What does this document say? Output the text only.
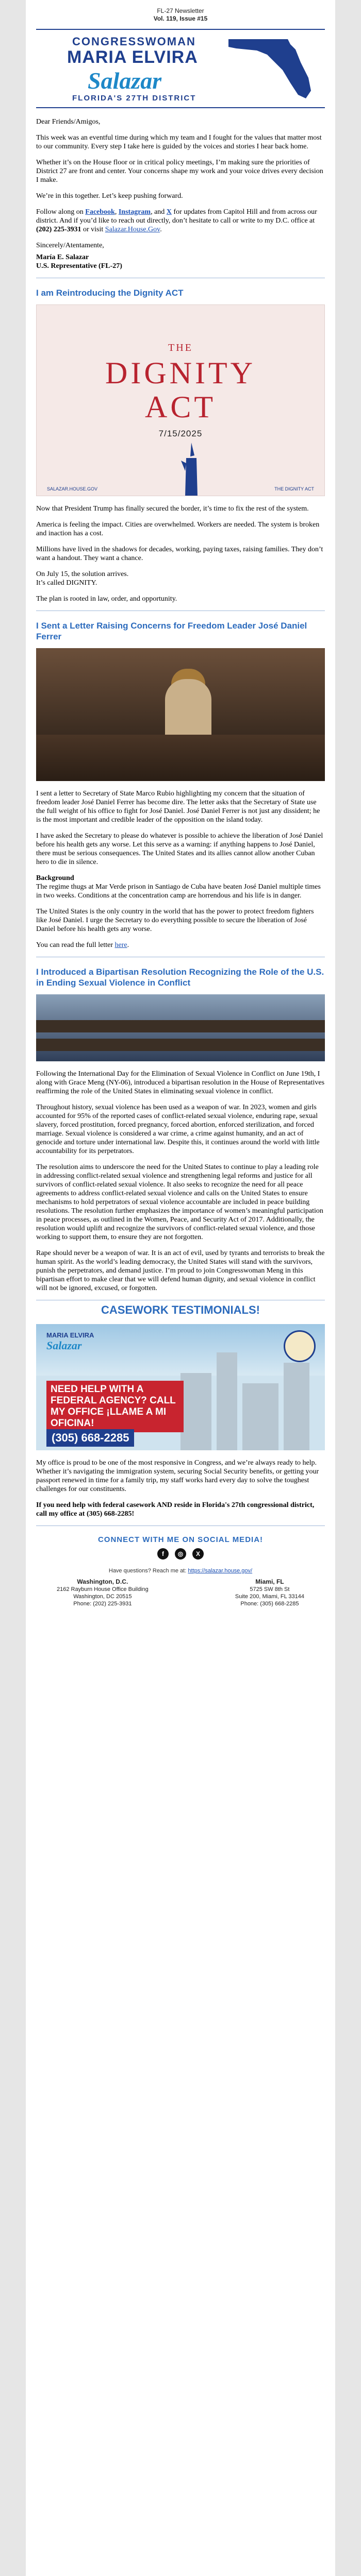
FL-27 Newsletter
Vol. 119, Issue #15
CONGRESSWOMAN
MARIA ELVIRA
Salazar
FLORIDA'S 27TH DISTRICT

Dear Friends/Amigos,

This week was an eventful time during which my team and I fought for the values that matter most to our community. Every step I take here is guided by the voices and stories I hear back home.

Whether it’s on the House floor or in critical policy meetings, I’m making sure the priorities of District 27 are front and center. Your concerns shape my work and your voice drives every decision I make.

We’re in this together. Let’s keep pushing forward.

Follow along on Facebook, Instagram, and X for updates from Capitol Hill and from across our district. And if you’d like to reach out directly, don’t hesitate to call or write to my D.C. office at (202) 225-3931 or visit Salazar.House.Gov.

Sincerely/Atentamente,

María E. Salazar
U.S. Representative (FL-27)

I am Reintroducing the Dignity ACT
THE
DIGNITY
ACT
7/15/2025
SALAZAR.HOUSE.GOV	THE DIGNITY ACT

Now that President Trump has finally secured the border, it’s time to fix the rest of the system.

America is feeling the impact. Cities are overwhelmed. Workers are needed. The system is broken and inaction has a cost.

Millions have lived in the shadows for decades, working, paying taxes, raising families. They don’t want a handout. They want a chance.

On July 15, the solution arrives.
It’s called DIGNITY.

The plan is rooted in law, order, and opportunity.

I Sent a Letter Raising Concerns for Freedom Leader José Daniel Ferrer

I sent a letter to Secretary of State Marco Rubio highlighting my concern that the situation of freedom leader José Daniel Ferrer has become dire. The letter asks that the Secretary of State use the full weight of his office to fight for José Daniel. José Daniel Ferrer is not just any dissident; he is the most important and credible leader of the opposition on the island today.

I have asked the Secretary to please do whatever is possible to achieve the liberation of José Daniel before his health gets any worse. Let this serve as a warning: if anything happens to José Daniel, there must be serious consequences. The United States and its allies cannot allow another Cuban hero to die in silence.

Background
The regime thugs at Mar Verde prison in Santiago de Cuba have beaten José Daniel multiple times in two weeks. Conditions at the concentration camp are horrendous and his life is in danger.

The United States is the only country in the world that has the power to protect freedom fighters like José Daniel. I urge the Secretary to do everything possible to secure the liberation of José Daniel before his health gets any worse.

You can read the full letter here.

I Introduced a Bipartisan Resolution Recognizing the Role of the U.S. in Ending Sexual Violence in Conflict

Following the International Day for the Elimination of Sexual Violence in Conflict on June 19th, I along with Grace Meng (NY-06), introduced a bipartisan resolution in the House of Representatives reaffirming the role of the United States in eliminating sexual violence in conflict.

Throughout history, sexual violence has been used as a weapon of war. In 2023, women and girls accounted for 95% of the reported cases of conflict-related sexual violence, enduring rape, sexual slavery, forced prostitution, forced pregnancy, forced abortion, enforced sterilization, and forced marriage. Sexual violence is considered a war crime, a crime against humanity, and an act of genocide and torture under international law. Despite this, it continues around the world with little accountability for its perpetrators.

The resolution aims to underscore the need for the United States to continue to play a leading role in addressing conflict-related sexual violence and strengthening legal reforms and justice for all survivors of conflict-related sexual violence. It also seeks to recognize the need for all peace agreements to address conflict-related sexual violence and calls on the United States to ensure mechanisms to hold perpetrators of sexual violence accountable are included in peace building resolutions. The resolution further emphasizes the importance of women’s meaningful participation in peace processes, as outlined in the Women, Peace, and Security Act of 2017. Additionally, the resolution would uplift and recognize the survivors of conflict-related sexual violence, and those working to support them, to ensure they are not forgotten.

Rape should never be a weapon of war. It is an act of evil, used by tyrants and terrorists to break the human spirit. As the world’s leading democracy, the United States will stand with the survivors, punish the perpetrators, and demand justice. I’m proud to join Congresswoman Meng in this bipartisan effort to make clear that we will defend human dignity, and sexual violence in conflict will not be ignored, excused, or forgotten.

CASEWORK TESTIMONIALS!
MARIA ELVIRA
Salazar
NEED HELP WITH A FEDERAL AGENCY? CALL MY OFFICE ¡LLAME A MI OFICINA!
(305) 668-2285

My office is proud to be one of the most responsive in Congress, and we’re always ready to help. Whether it’s navigating the immigration system, securing Social Security benefits, or getting your passport renewed in time for a family trip, my staff works hard every day to solve the toughest challenges for our constituents.

If you need help with federal casework AND reside in Florida's 27th congressional district, call my office at (305) 668-2285!

CONNECT WITH ME ON SOCIAL MEDIA!
f ◎ X
Have questions? Reach me at: https://salazar.house.gov/
Washington, D.C.
2162 Rayburn House Office Building
Washington, DC 20515
Phone: (202) 225-3931
Miami, FL
5725 SW 8th St
Suite 200, Miami, FL 33144
Phone: (305) 668-2285
